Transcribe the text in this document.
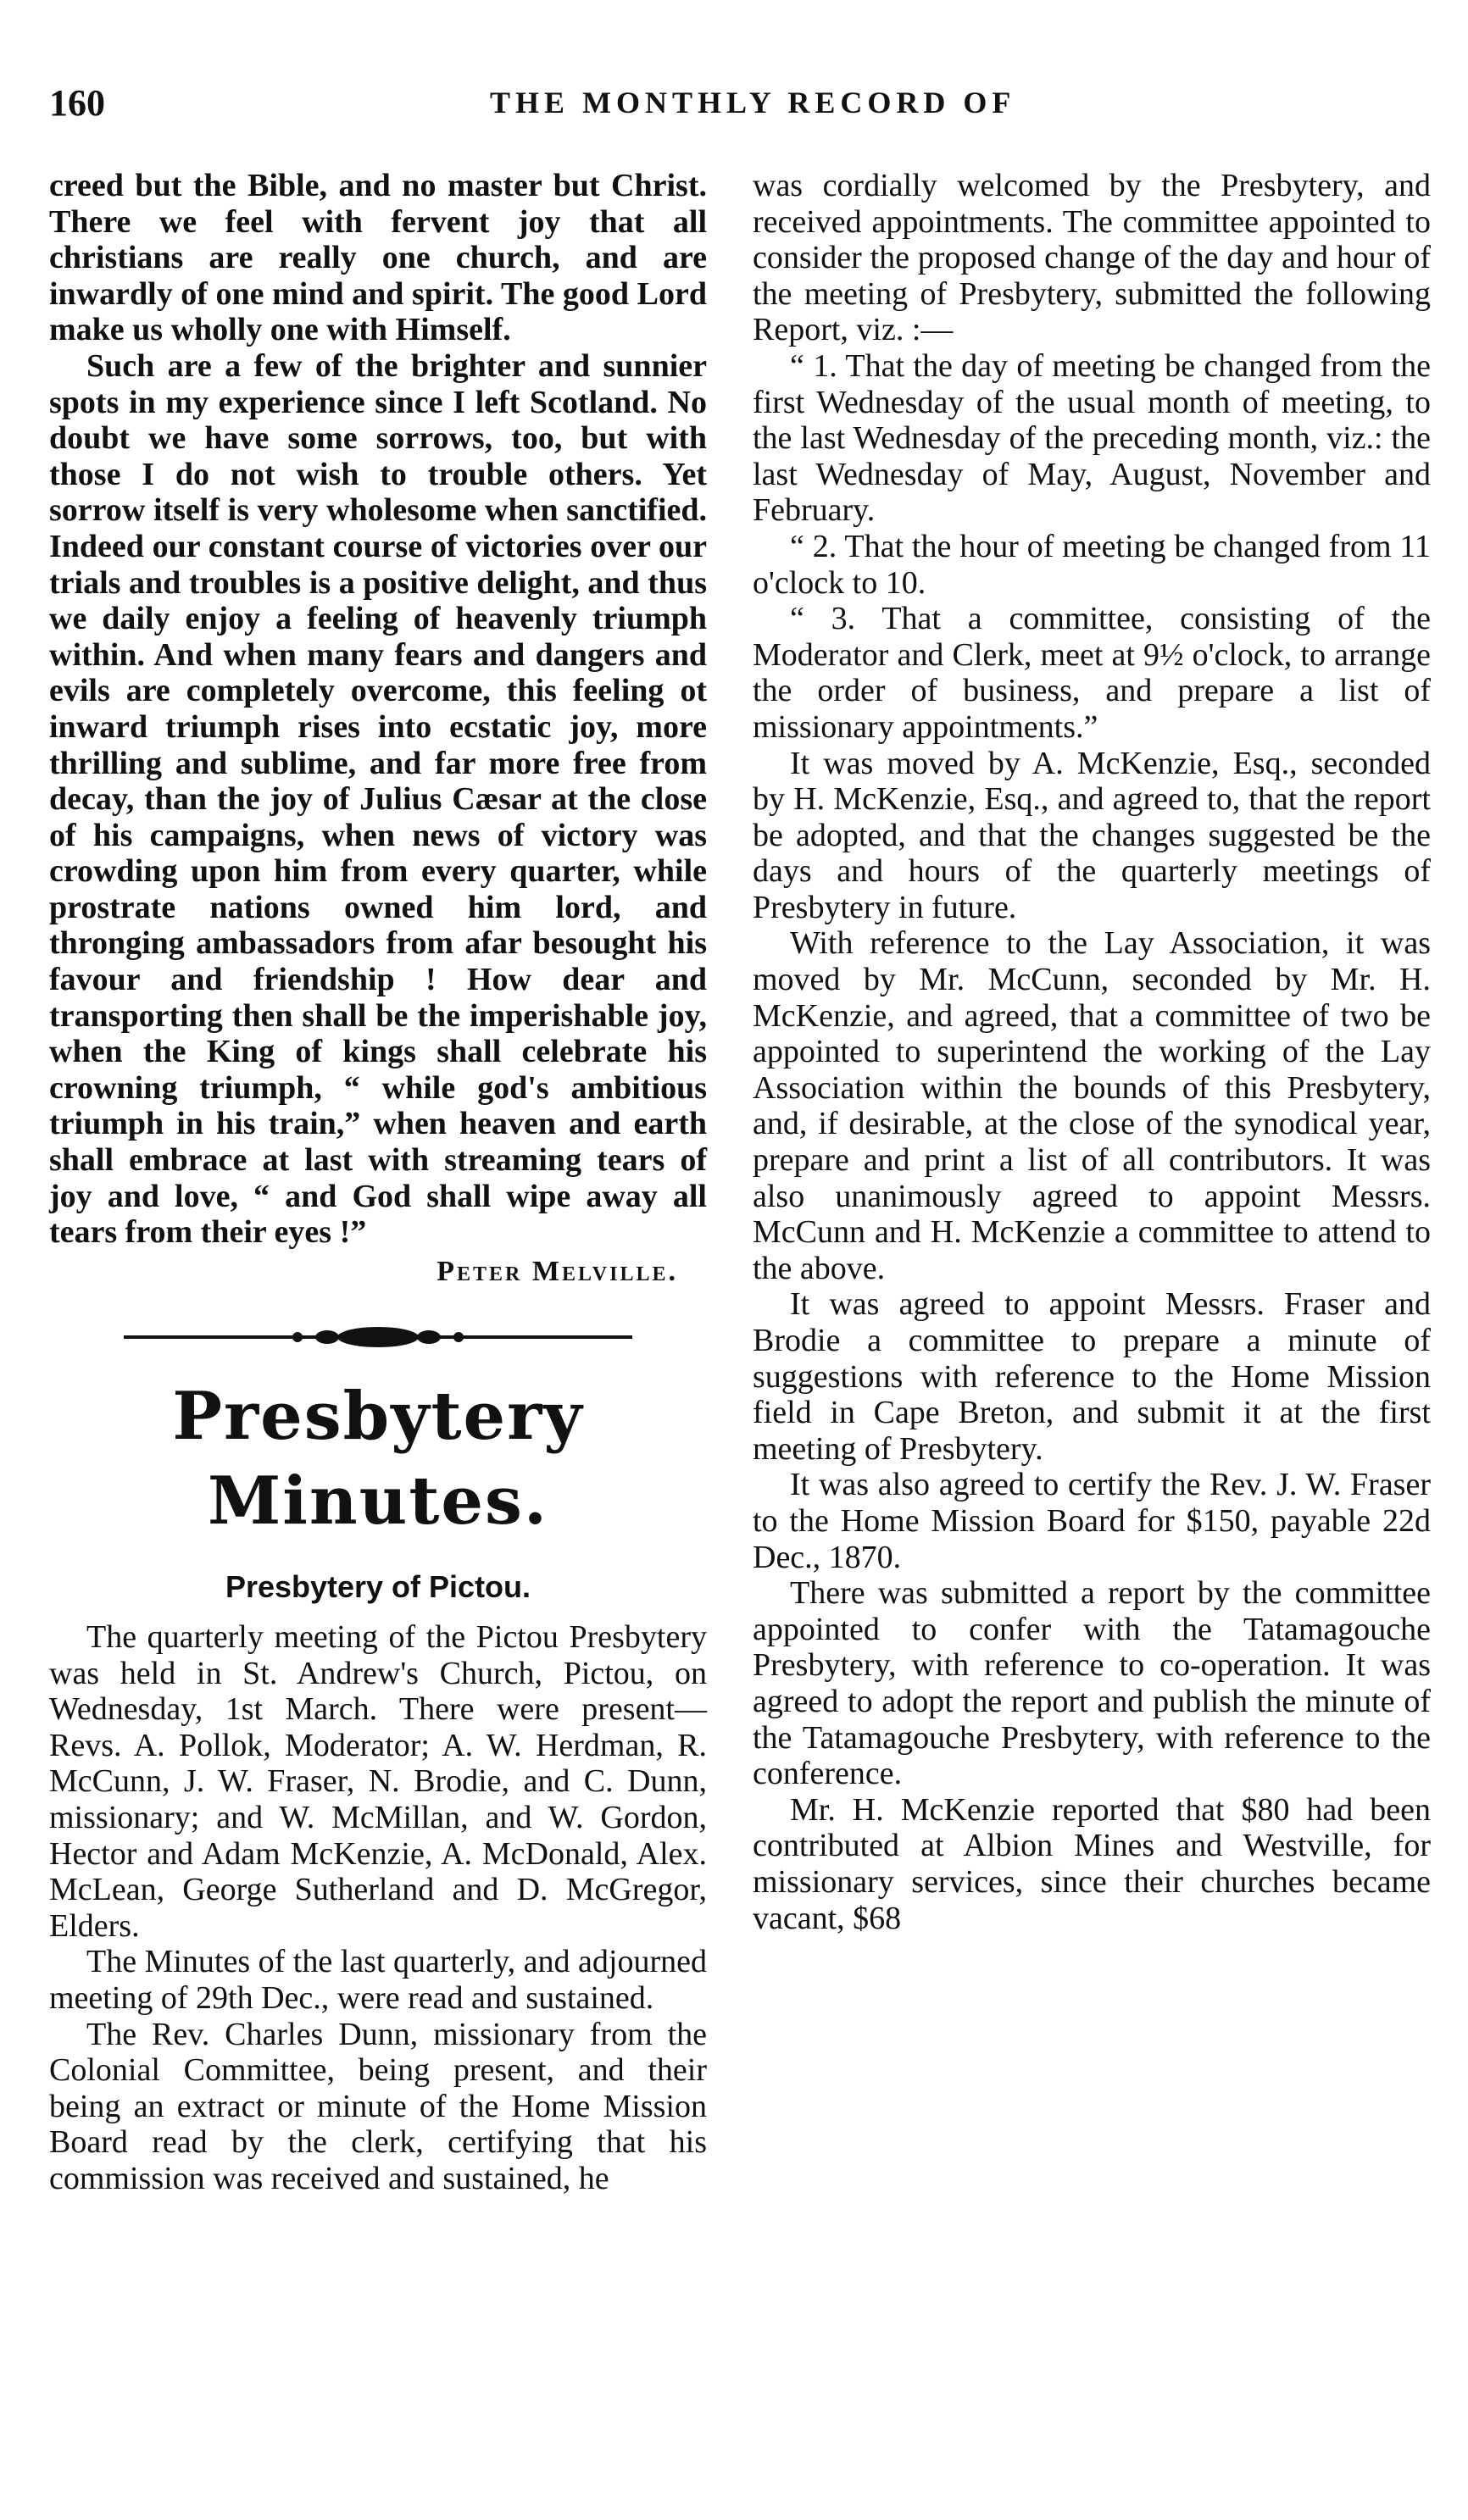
160	THE MONTHLY RECORD OF

creed but the Bible, and no master but Christ. There we feel with fervent joy that all christians are really one church, and are inwardly of one mind and spirit. The good Lord make us wholly one with Himself.

Such are a few of the brighter and sunnier spots in my experience since I left Scotland. No doubt we have some sorrows, too, but with those I do not wish to trouble others. Yet sorrow itself is very wholesome when sanctified. Indeed our constant course of victories over our trials and troubles is a positive delight, and thus we daily enjoy a feeling of heavenly triumph within. And when many fears and dangers and evils are completely overcome, this feeling ot inward triumph rises into ecstatic joy, more thrilling and sublime, and far more free from decay, than the joy of Julius Cæsar at the close of his campaigns, when news of victory was crowding upon him from every quarter, while prostrate nations owned him lord, and thronging ambassadors from afar besought his favour and friendship ! How dear and transporting then shall be the imperishable joy, when the King of kings shall celebrate his crowning triumph, “ while god's ambitious triumph in his train,” when heaven and earth shall embrace at last with streaming tears of joy and love, “ and God shall wipe away all tears from their eyes !”

Peter Melville.
Presbytery Minutes.
Presbytery of Pictou.

The quarterly meeting of the Pictou Presbytery was held in St. Andrew's Church, Pictou, on Wednesday, 1st March. There were present—Revs. A. Pollok, Moderator; A. W. Herdman, R. McCunn, J. W. Fraser, N. Brodie, and C. Dunn, missionary; and W. McMillan, and W. Gordon, Hector and Adam McKenzie, A. McDonald, Alex. McLean, George Sutherland and D. McGregor, Elders.

The Minutes of the last quarterly, and adjourned meeting of 29th Dec., were read and sustained.

The Rev. Charles Dunn, missionary from the Colonial Committee, being present, and their being an extract or minute of the Home Mission Board read by the clerk, certifying that his commission was received and sustained, he

was cordially welcomed by the Presbytery, and received appointments. The committee appointed to consider the proposed change of the day and hour of the meeting of Presbytery, submitted the following Report, viz. :—

“ 1. That the day of meeting be changed from the first Wednesday of the usual month of meeting, to the last Wednesday of the preceding month, viz.: the last Wednesday of May, August, November and February.

“ 2. That the hour of meeting be changed from 11 o'clock to 10.

“ 3. That a committee, consisting of the Moderator and Clerk, meet at 9½ o'clock, to arrange the order of business, and prepare a list of missionary appointments.”

It was moved by A. McKenzie, Esq., seconded by H. McKenzie, Esq., and agreed to, that the report be adopted, and that the changes suggested be the days and hours of the quarterly meetings of Presbytery in future.

With reference to the Lay Association, it was moved by Mr. McCunn, seconded by Mr. H. McKenzie, and agreed, that a committee of two be appointed to superintend the working of the Lay Association within the bounds of this Presbytery, and, if desirable, at the close of the synodical year, prepare and print a list of all contributors. It was also unanimously agreed to appoint Messrs. McCunn and H. McKenzie a committee to attend to the above.

It was agreed to appoint Messrs. Fraser and Brodie a committee to prepare a minute of suggestions with reference to the Home Mission field in Cape Breton, and submit it at the first meeting of Presbytery.

It was also agreed to certify the Rev. J. W. Fraser to the Home Mission Board for $150, payable 22d Dec., 1870.

There was submitted a report by the committee appointed to confer with the Tatamagouche Presbytery, with reference to co-operation. It was agreed to adopt the report and publish the minute of the Tatamagouche Presbytery, with reference to the conference.

Mr. H. McKenzie reported that $80 had been contributed at Albion Mines and Westville, for missionary services, since their churches became vacant, $68
